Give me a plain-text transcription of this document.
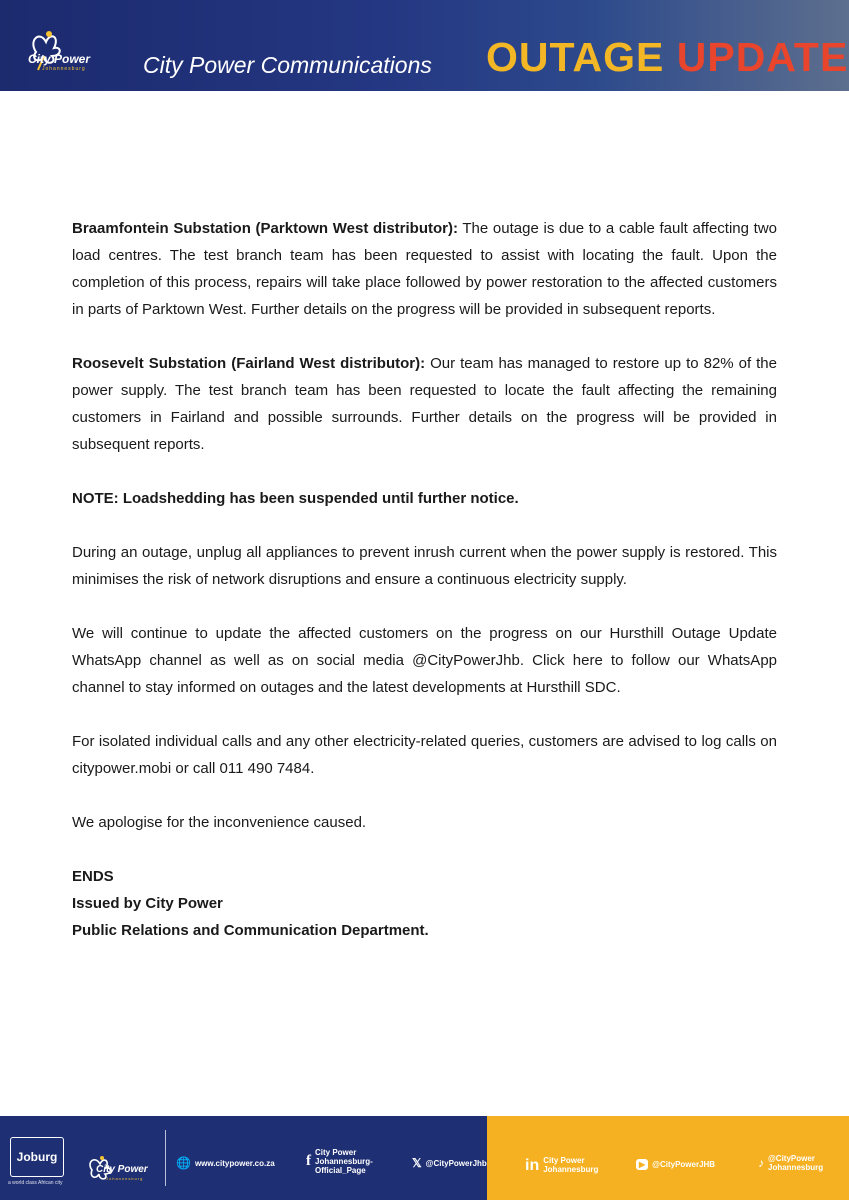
City Power
Johannesburg City Power Communications OUTAGE UPDATE

Braamfontein Substation (Parktown West distributor): The outage is due to a cable fault affecting two load centres. The test branch team has been requested to assist with locating the fault. Upon the completion of this process, repairs will take place followed by power restoration to the affected customers in parts of Parktown West. Further details on the progress will be provided in subsequent reports.

Roosevelt Substation (Fairland West distributor): Our team has managed to restore up to 82% of the power supply. The test branch team has been requested to locate the fault affecting the remaining customers in Fairland and possible surrounds. Further details on the progress will be provided in subsequent reports.

NOTE: Loadshedding has been suspended until further notice.

During an outage, unplug all appliances to prevent inrush current when the power supply is restored. This minimises the risk of network disruptions and ensure a continuous electricity supply.

We will continue to update the affected customers on the progress on our Hursthill Outage Update WhatsApp channel as well as on social media @CityPowerJhb. Click here to follow our WhatsApp channel to stay informed on outages and the latest developments at Hursthill SDC.

For isolated individual calls and any other electricity-related queries, customers are advised to log calls on citypower.mobi or call 011 490 7484.

We apologise for the inconvenience caused.

ENDS
Issued by City Power
Public Relations and Communication Department.
Joburg
a world class African city
City Power
Johannesburg
🌐 www.citypower.co.za f
City Power Johannesburg-Official_Page
𝕏 @CityPowerJhb in City Power Johannesburg
▶ @CityPowerJHB	♪ @CityPower Johannesburg
